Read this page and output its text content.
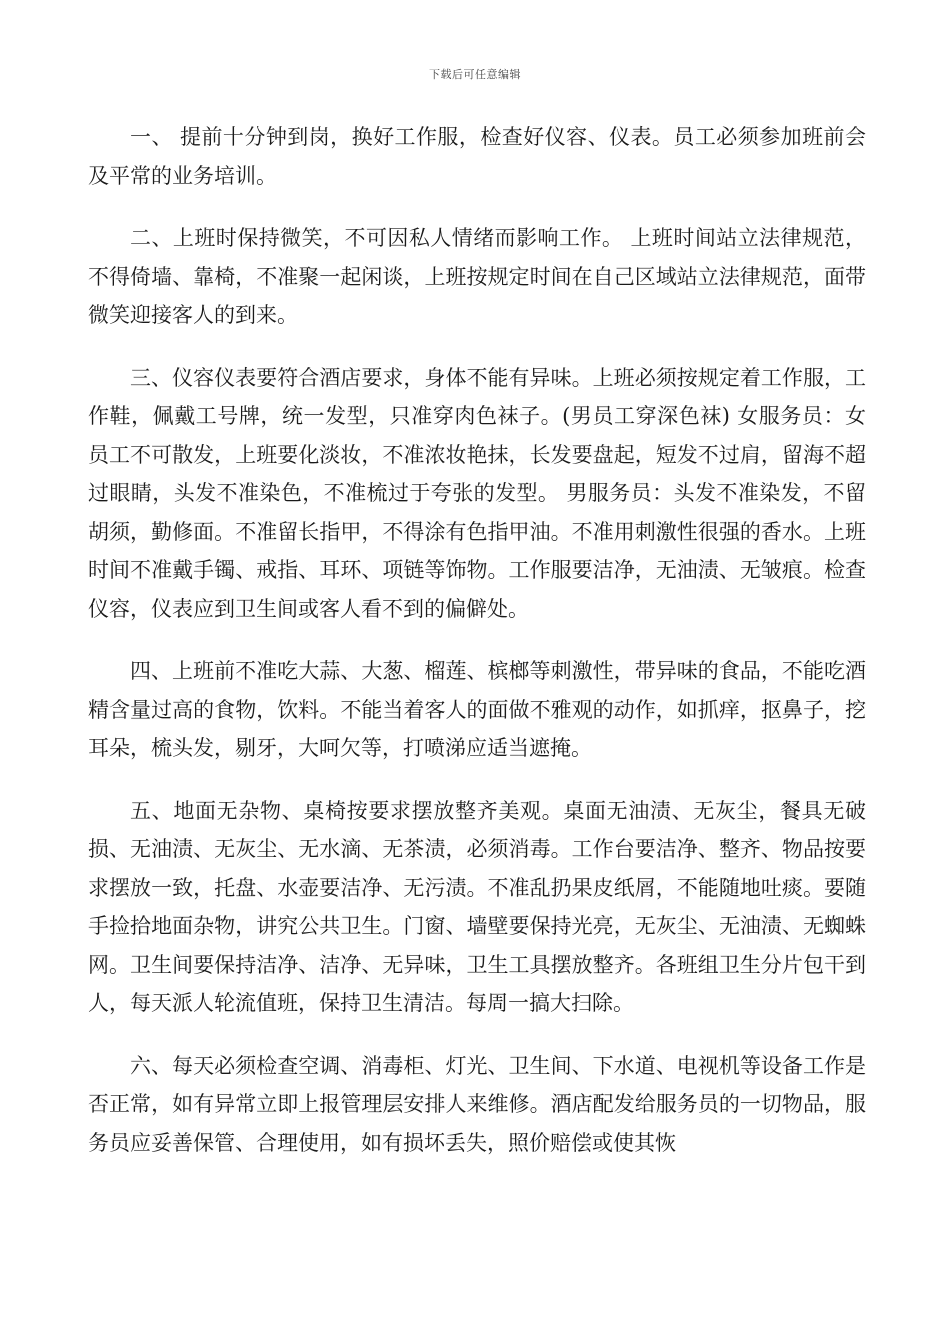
下载后可任意编辑

一、 提前十分钟到岗，换好工作服，检查好仪容、仪表。员工必须参加班前会及平常的业务培训。

二、上班时保持微笑，不可因私人情绪而影响工作。 上班时间站立法律规范，不得倚墙、靠椅，不准聚一起闲谈，上班按规定时间在自己区域站立法律规范，面带微笑迎接客人的到来。

三、仪容仪表要符合酒店要求，身体不能有异味。上班必须按规定着工作服，工作鞋，佩戴工号牌，统一发型，只准穿肉色袜子。(男员工穿深色袜) 女服务员：女员工不可散发，上班要化淡妆，不准浓妆艳抹，长发要盘起，短发不过肩，留海不超过眼睛，头发不准染色，不准梳过于夸张的发型。 男服务员：头发不准染发，不留胡须，勤修面。不准留长指甲，不得涂有色指甲油。不准用刺激性很强的香水。上班时间不准戴手镯、戒指、耳环、项链等饰物。工作服要洁净，无油渍、无皱痕。检查仪容，仪表应到卫生间或客人看不到的偏僻处。

四、上班前不准吃大蒜、大葱、榴莲、槟榔等刺激性，带异味的食品，不能吃酒精含量过高的食物，饮料。不能当着客人的面做不雅观的动作，如抓痒，抠鼻子，挖耳朵，梳头发，剔牙，大呵欠等，打喷涕应适当遮掩。

五、地面无杂物、桌椅按要求摆放整齐美观。桌面无油渍、无灰尘，餐具无破损、无油渍、无灰尘、无水滴、无茶渍，必须消毒。工作台要洁净、整齐、物品按要求摆放一致，托盘、水壶要洁净、无污渍。不准乱扔果皮纸屑，不能随地吐痰。要随手捡拾地面杂物，讲究公共卫生。门窗、墙壁要保持光亮，无灰尘、无油渍、无蜘蛛网。卫生间要保持洁净、洁净、无异味，卫生工具摆放整齐。各班组卫生分片包干到人，每天派人轮流值班，保持卫生清洁。每周一搞大扫除。

六、每天必须检查空调、消毒柜、灯光、卫生间、下水道、电视机等设备工作是否正常，如有异常立即上报管理层安排人来维修。酒店配发给服务员的一切物品，服务员应妥善保管、合理使用，如有损坏丢失，照价赔偿或使其恢
